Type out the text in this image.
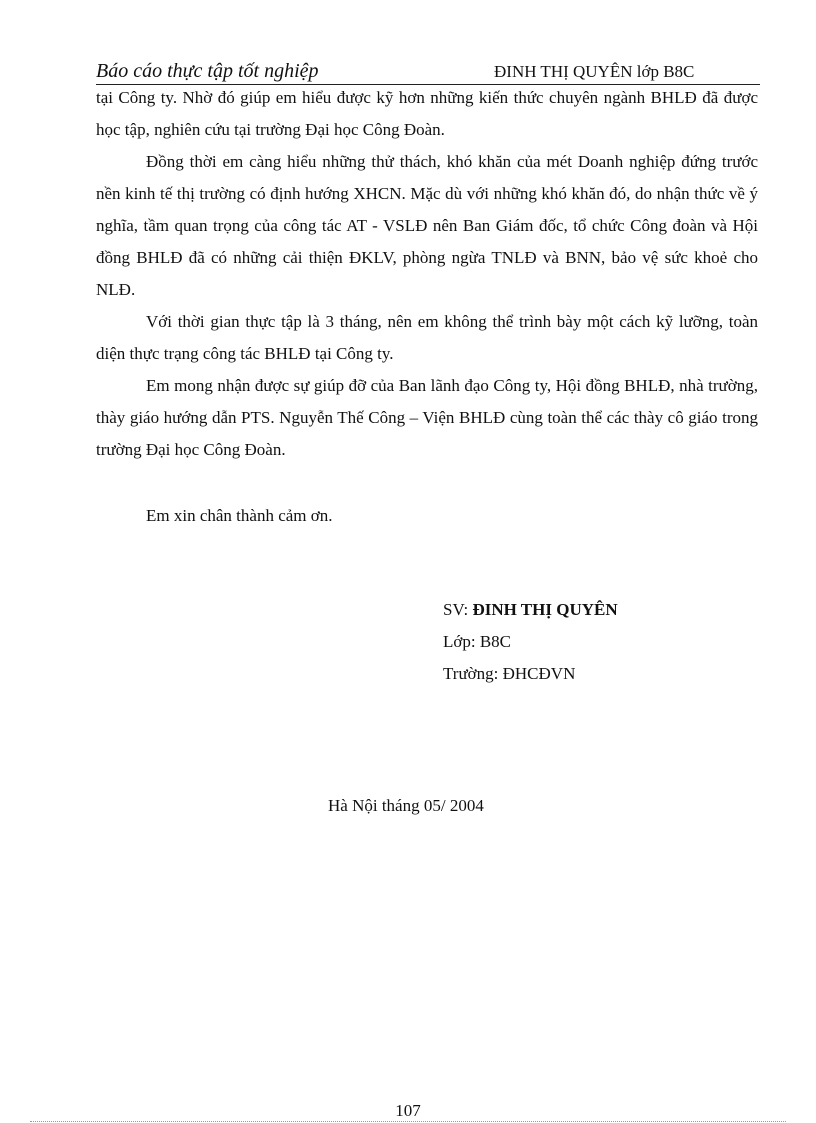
Báo cáo thực tập tốt nghiệp	ĐINH THỊ QUYÊN lớp B8C

tại Công ty. Nhờ đó giúp em hiểu được kỹ hơn những kiến thức chuyên ngành BHLĐ đã được học tập, nghiên cứu tại trường Đại học Công Đoàn.

Đồng thời em càng hiểu những thử thách, khó khăn của mét Doanh nghiệp đứng trước nền kinh tế thị trường có định hướng XHCN. Mặc dù với những khó khăn đó, do nhận thức về ý nghĩa, tầm quan trọng của công tác AT - VSLĐ nên Ban Giám đốc, tổ chức Công đoàn và Hội đồng BHLĐ đã có những cải thiện ĐKLV, phòng ngừa TNLĐ và BNN, bảo vệ sức khoẻ cho NLĐ.

Với thời gian thực tập là 3 tháng, nên em không thể trình bày một cách kỹ lưỡng, toàn diện thực trạng công tác BHLĐ tại Công ty.

Em mong nhận được sự giúp đỡ của Ban lãnh đạo Công ty, Hội đồng BHLĐ, nhà trường, thày giáo hướng dẫn PTS. Nguyễn Thế Công – Viện BHLĐ cùng toàn thể các thày cô giáo trong trường Đại học Công Đoàn.

Em xin chân thành cảm ơn.
SV: ĐINH THỊ QUYÊN
Lớp: B8C
Trường: ĐHCĐVN
Hà Nội tháng 05/ 2004
107
